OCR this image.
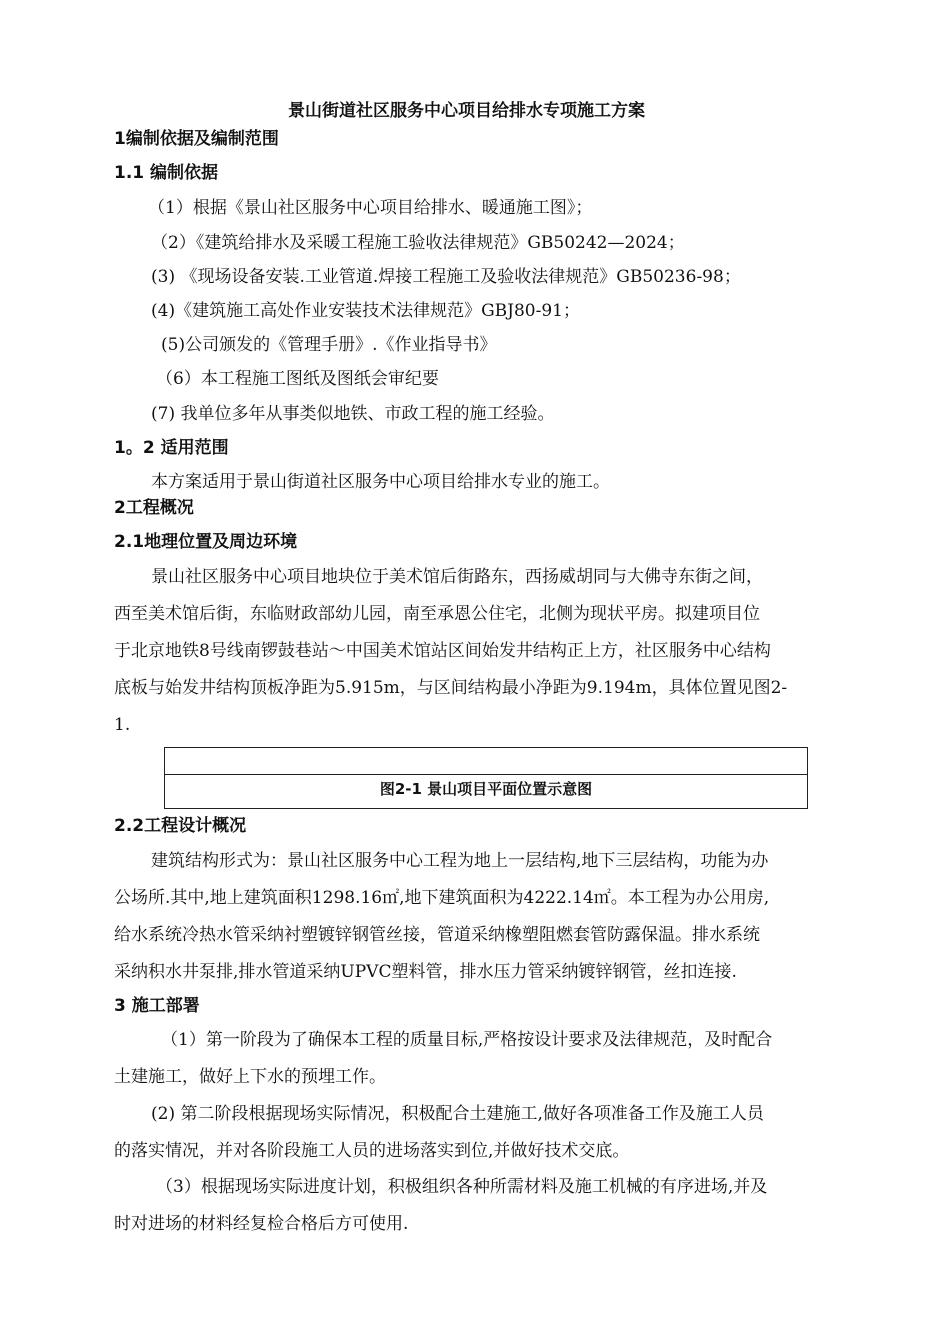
景山街道社区服务中心项目给排水专项施工方案
1编制依据及编制范围
1.1 编制依据
（1）根据《景山社区服务中心项目给排水、暖通施工图》；
（2）《建筑给排水及采暖工程施工验收法律规范》GB50242—2024；
(3) 《现场设备安装.工业管道.焊接工程施工及验收法律规范》GB50236-98；
(4)《建筑施工高处作业安装技术法律规范》GBJ80-91；
(5)公司颁发的《管理手册》.《作业指导书》
（6）本工程施工图纸及图纸会审纪要
(7) 我单位多年从事类似地铁、市政工程的施工经验。
1。2 适用范围
本方案适用于景山街道社区服务中心项目给排水专业的施工。
2工程概况
2.1地理位置及周边环境
景山社区服务中心项目地块位于美术馆后街路东，西扬威胡同与大佛寺东街之间，
西至美术馆后街，东临财政部幼儿园，南至承恩公住宅，北侧为现状平房。拟建项目位
于北京地铁8号线南锣鼓巷站～中国美术馆站区间始发井结构正上方，社区服务中心结构
底板与始发井结构顶板净距为5.915m，与区间结构最小净距为9.194m，具体位置见图2-
1.
图2-1 景山项目平面位置示意图
2.2工程设计概况
建筑结构形式为：景山社区服务中心工程为地上一层结构,地下三层结构，功能为办
公场所.其中,地上建筑面积1298.16㎡,地下建筑面积为4222.14㎡。本工程为办公用房,
给水系统冷热水管采纳衬塑镀锌钢管丝接，管道采纳橡塑阻燃套管防露保温。排水系统
采纳积水井泵排,排水管道采纳UPVC塑料管，排水压力管采纳镀锌钢管，丝扣连接.
3 施工部署
（1）第一阶段为了确保本工程的质量目标,严格按设计要求及法律规范，及时配合
土建施工，做好上下水的预埋工作。
(2) 第二阶段根据现场实际情况，积极配合土建施工,做好各项准备工作及施工人员
的落实情况，并对各阶段施工人员的进场落实到位,并做好技术交底。
（3）根据现场实际进度计划，积极组织各种所需材料及施工机械的有序进场,并及
时对进场的材料经复检合格后方可使用.
